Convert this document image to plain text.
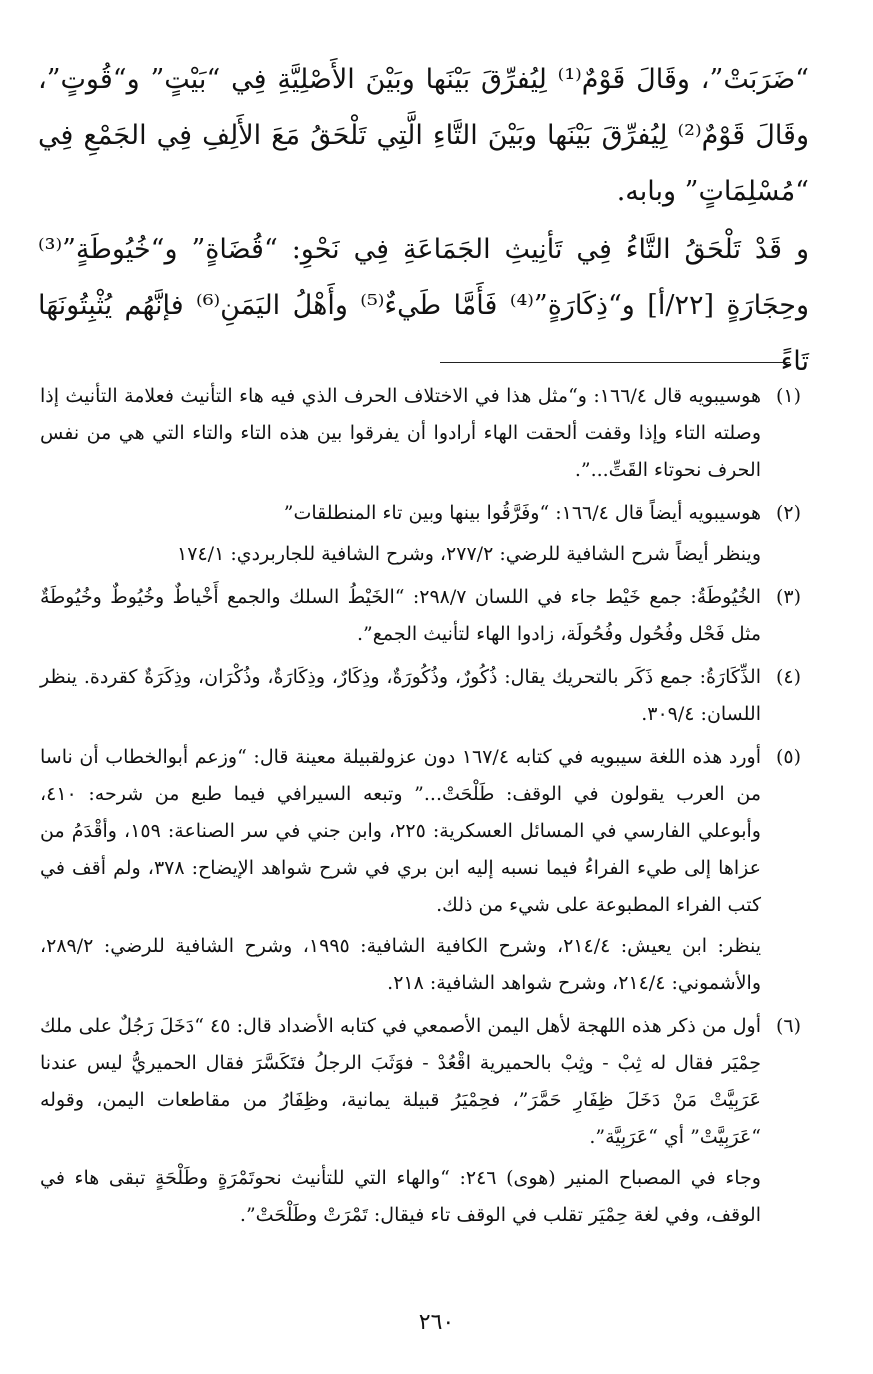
“ضَرَبَتْ”، وقَالَ قَوْمٌ⁽¹⁾ لِيُفرِّقَ بَيْنَها وبَيْنَ الأَصْلِيَّةِ فِي “بَيْتٍ” و“قُوتٍ”، وقَالَ قَوْمٌ⁽²⁾ لِيُفرِّقَ بَيْنَها وبَيْنَ التَّاءِ الَّتِي تَلْحَقُ مَعَ الأَلِفِ فِي الجَمْعِ فِي “مُسْلِمَاتٍ” وبابه.

و قَدْ تَلْحَقُ التَّاءُ فِي تَأنِيثِ الجَمَاعَةِ فِي نَحْوِ: “قُضَاةٍ” و“خُيُوطَةٍ”⁽³⁾ وحِجَارَةٍ [٢٢/أ] و“ذِكَارَةٍ”⁽⁴⁾ فَأَمَّا طَيءٌ⁽⁵⁾ وأَهْلُ اليَمَنِ⁽⁶⁾ فإنَّهُم يُثْبِتُونَهَا تَاءً

(١)

هوسيبويه قال ١٦٦/٤: و“مثل هذا في الاختلاف الحرف الذي فيه هاء التأنيث فعلامة التأنيث إذا وصلته التاء وإذا وقفت ألحقت الهاء أرادوا أن يفرقوا بين هذه التاء والتاء التي هي من نفس الحرف نحوتاء القَتِّ...”.

(٢)

هوسيبويه أيضاً قال ١٦٦/٤: “وفَرَّقُوا بينها وبين تاء المنطلقات”

وينظر أيضاً شرح الشافية للرضي: ٢٧٧/٢، وشرح الشافية للجاربردي: ١٧٤/١

(٣)

الخُيُوطَةُ: جمع خَيْط جاء في اللسان ٢٩٨/٧: “الخَيْطُ السلك والجمع أَخْياطٌ وخُيُوطٌ وخُيُوطَةٌ مثل فَحْل وفُحُول وفُحُولَة، زادوا الهاء لتأنيث الجمع”.

(٤)

الذِّكَارَةُ: جمع ذَكَر بالتحريك يقال: ذُكُورٌ، وذُكُورَةٌ، وذِكَارٌ، وذِكَارَةٌ، وذُكْرَان، وذِكَرَةٌ كقردة. ينظر اللسان: ٣٠٩/٤.

(٥)

أورد هذه اللغة سيبويه في كتابه ١٦٧/٤ دون عزولقبيلة معينة قال: “وزعم أبوالخطاب أن ناسا من العرب يقولون في الوقف: طَلْحَتْ...” وتبعه السيرافي فيما طبع من شرحه: ٤١٠، وأبوعلي الفارسي في المسائل العسكرية: ٢٢٥، وابن جني في سر الصناعة: ١٥٩، وأقْدَمُ من عزاها إلى طيء الفراءُ فيما نسبه إليه ابن بري في شرح شواهد الإيضاح: ٣٧٨، ولم أقف في كتب الفراء المطبوعة على شيء من ذلك.

ينظر: ابن يعيش: ٢١٤/٤، وشرح الكافية الشافية: ١٩٩٥، وشرح الشافية للرضي: ٢٨٩/٢، والأشموني: ٢١٤/٤، وشرح شواهد الشافية: ٢١٨.

(٦)

أول من ذكر هذه اللهجة لأهل اليمن الأصمعي في كتابه الأضداد قال: ٤٥ “دَخَلَ رَجُلٌ على ملك حِمْيَر فقال له ثِبْ - وثِبْ بالحميرية اقْعُدْ - فوَثَبَ الرجلُ فتَكَسَّرَ فقال الحميريُّ ليس عندنا عَرَبِيَّتْ مَنْ دَخَلَ ظِفَارِ حَمَّرَ”، فحِمْيَرُ قبيلة يمانية، وظِفَارُ من مقاطعات اليمن، وقوله “عَرَبِيَّتْ” أي “عَرَبِيَّة”.

وجاء في المصباح المنير (هوى) ٢٤٦: “والهاء التي للتأنيث نحوتَمْرَةٍ وطَلْحَةٍ تبقى هاء في الوقف، وفي لغة حِمْيَر تقلب في الوقف تاء فيقال: تَمْرَتْ وطَلْحَتْ”.

٢٦٠
